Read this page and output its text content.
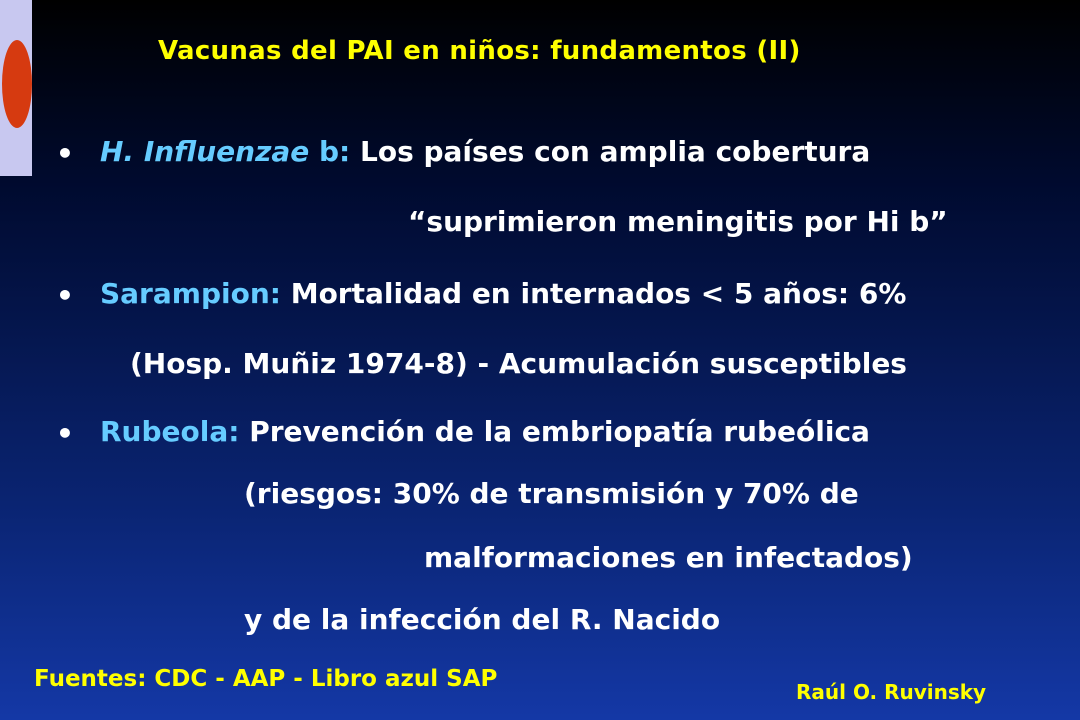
Vacunas del PAI en niños: fundamentos (II)
• H. Influenzae b: Los países con amplia cobertura
“suprimieron meningitis por Hi b”
• Sarampion: Mortalidad en internados < 5 años: 6%
(Hosp. Muñiz 1974-8) - Acumulación susceptibles
• Rubeola: Prevención de la embriopatía rubeólica
(riesgos: 30% de transmisión y 70% de
malformaciones en infectados)
y de la infección del R. Nacido
Fuentes: CDC - AAP - Libro azul SAP	Raúl O. Ruvinsky
